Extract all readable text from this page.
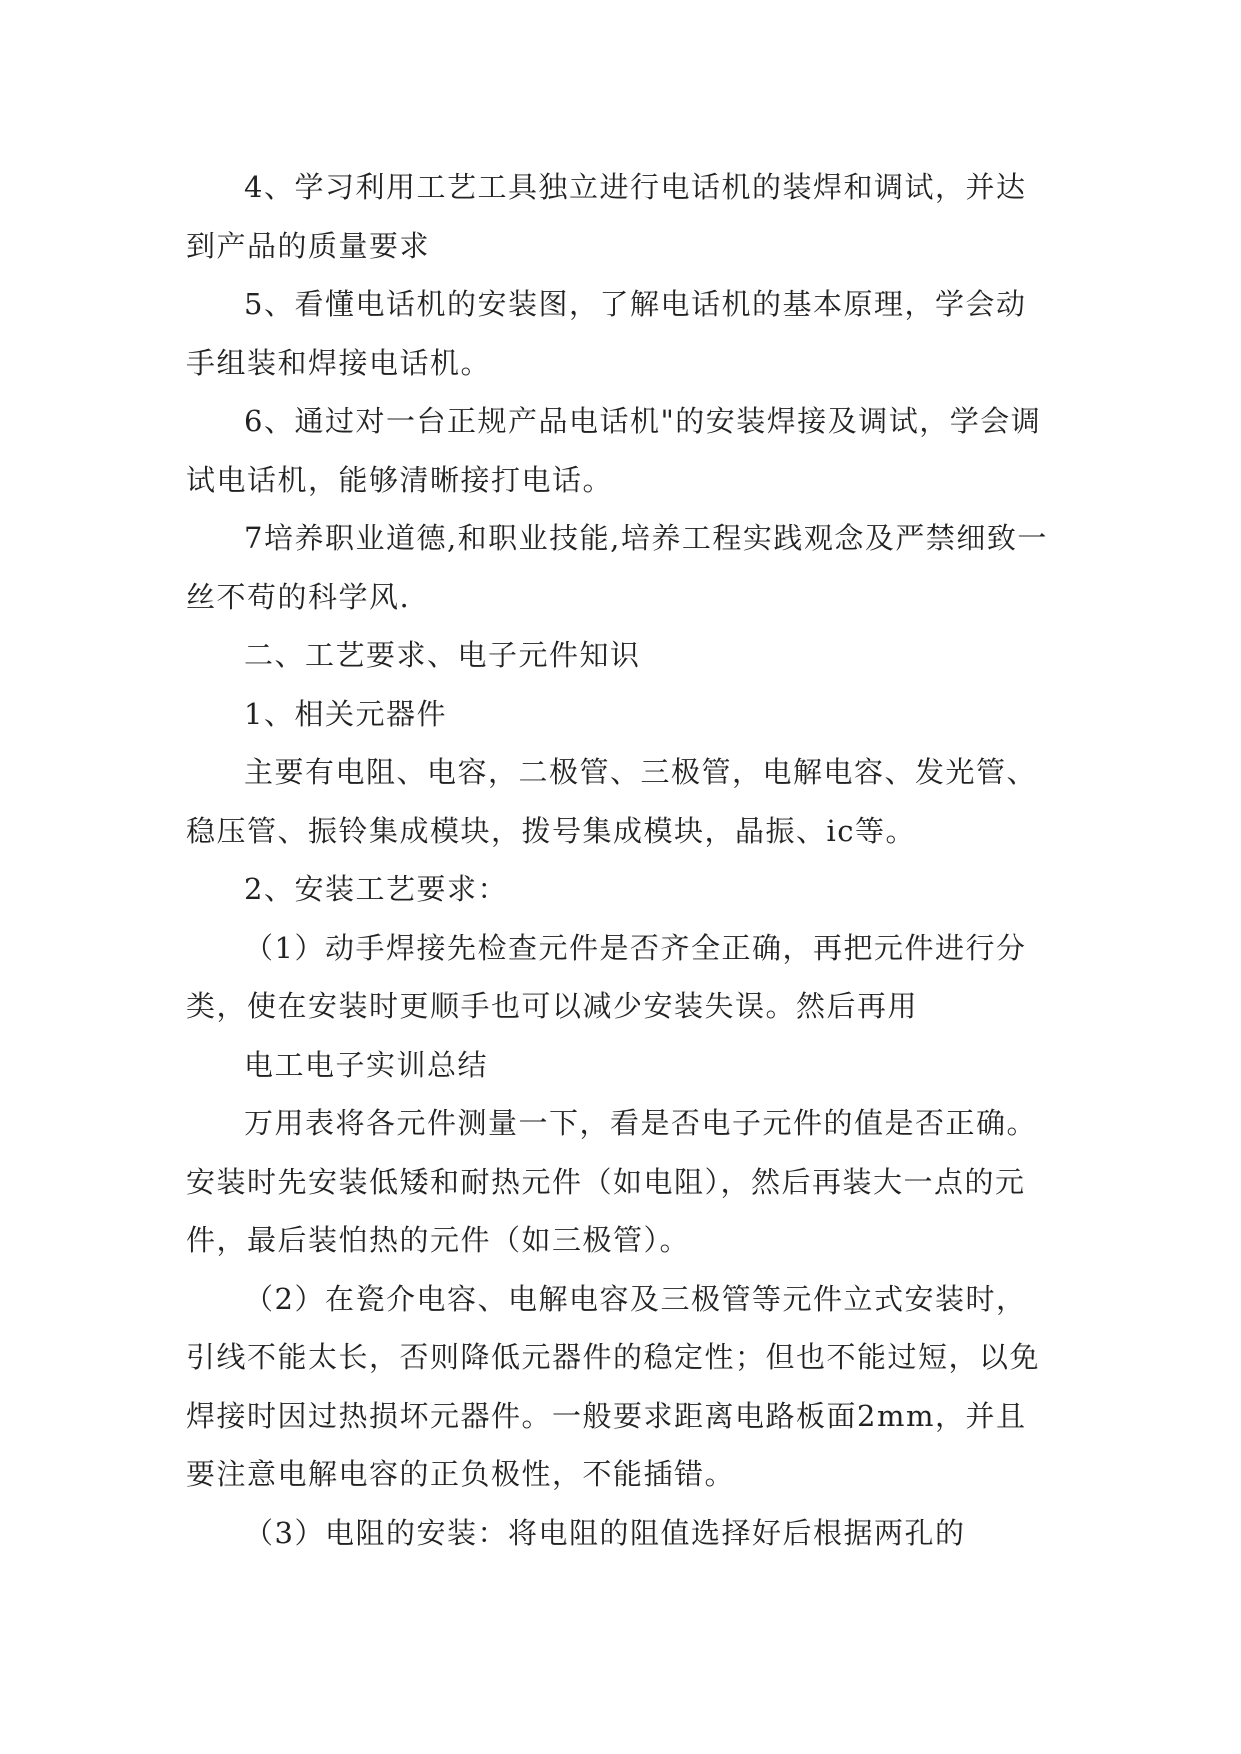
4、学习利用工艺工具独立进行电话机的装焊和调试，并达到产品的质量要求

5、看懂电话机的安装图，了解电话机的基本原理，学会动手组装和焊接电话机。

6、通过对一台正规产品电话机"的安装焊接及调试，学会调试电话机，能够清晰接打电话。

7培养职业道德,和职业技能,培养工程实践观念及严禁细致一丝不苟的科学风.

二、工艺要求、电子元件知识

1、相关元器件

主要有电阻、电容，二极管、三极管，电解电容、发光管、稳压管、振铃集成模块，拨号集成模块，晶振、ic等。

2、安装工艺要求：

（1）动手焊接先检查元件是否齐全正确，再把元件进行分类，使在安装时更顺手也可以减少安装失误。然后再用

电工电子实训总结

万用表将各元件测量一下，看是否电子元件的值是否正确。安装时先安装低矮和耐热元件（如电阻），然后再装大一点的元件，最后装怕热的元件（如三极管）。

（2）在瓷介电容、电解电容及三极管等元件立式安装时，引线不能太长，否则降低元器件的稳定性；但也不能过短，以免焊接时因过热损坏元器件。一般要求距离电路板面2mm，并且要注意电解电容的正负极性，不能插错。

（3）电阻的安装：将电阻的阻值选择好后根据两孔的
